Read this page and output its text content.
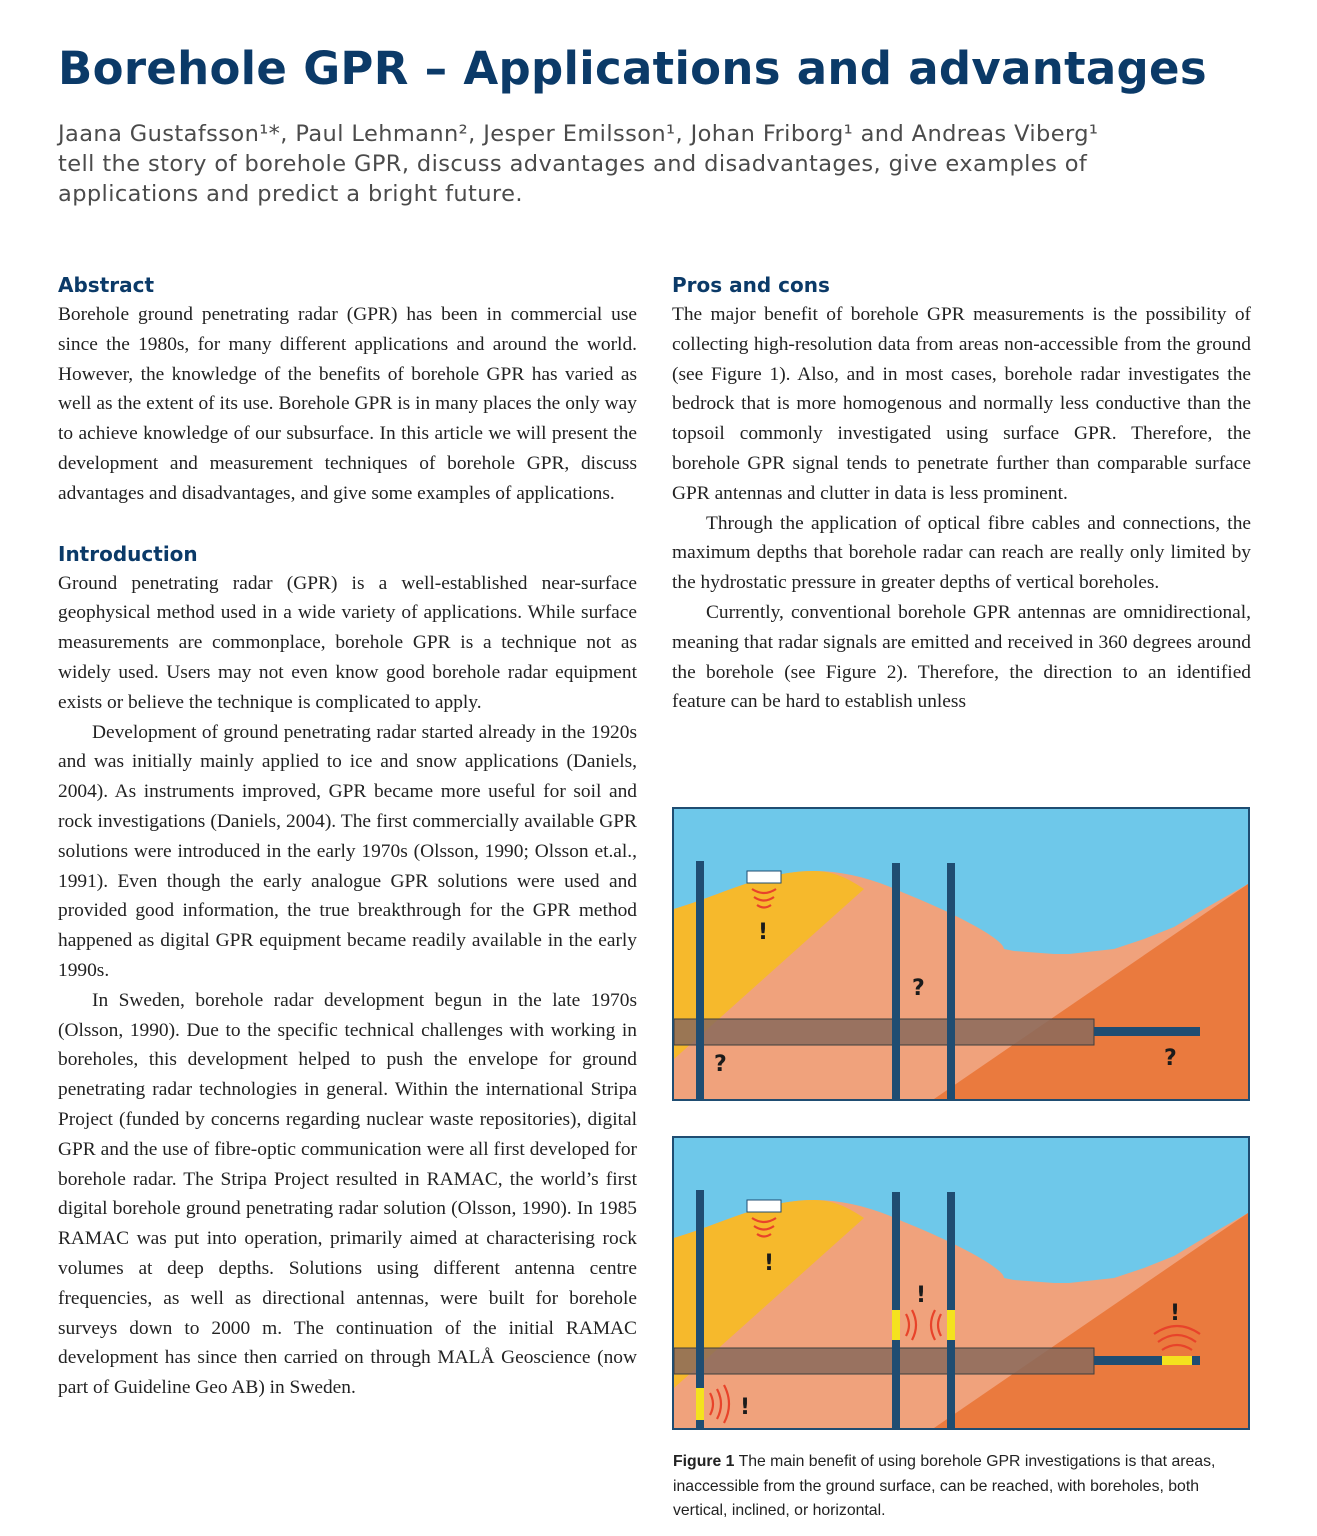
Borehole GPR – Applications and advantages

Jaana Gustafsson¹*, Paul Lehmann², Jesper Emilsson¹, Johan Friborg¹ and Andreas Viberg¹

tell the story of borehole GPR, discuss advantages and disadvantages, give examples of

applications and predict a bright future.

Abstract

Borehole ground penetrating radar (GPR) has been in commercial use since the 1980s, for many different applications and around the world. However, the knowledge of the benefits of borehole GPR has varied as well as the extent of its use. Borehole GPR is in many places the only way to achieve knowledge of our subsurface. In this article we will present the development and measurement techniques of borehole GPR, discuss advantages and disadvantages, and give some examples of applications.

Introduction

Ground penetrating radar (GPR) is a well-established near-surface geophysical method used in a wide variety of applications. While surface measurements are commonplace, borehole GPR is a technique not as widely used. Users may not even know good borehole radar equipment exists or believe the technique is complicated to apply.

Development of ground penetrating radar started already in the 1920s and was initially mainly applied to ice and snow applications (Daniels, 2004). As instruments improved, GPR became more useful for soil and rock investigations (Daniels, 2004). The first commercially available GPR solutions were introduced in the early 1970s (Olsson, 1990; Olsson et.al., 1991). Even though the early analogue GPR solutions were used and provided good information, the true breakthrough for the GPR method happened as digital GPR equipment became readily available in the early 1990s.

In Sweden, borehole radar development begun in the late 1970s (Olsson, 1990). Due to the specific technical challenges with working in boreholes, this development helped to push the envelope for ground penetrating radar technologies in general. Within the international Stripa Project (funded by concerns regarding nuclear waste repositories), digital GPR and the use of fibre-optic communication were all first developed for borehole radar. The Stripa Project resulted in RAMAC, the world’s first digital borehole ground penetrating radar solution (Olsson, 1990). In 1985 RAMAC was put into operation, primarily aimed at characterising rock volumes at deep depths. Solutions using different antenna centre frequencies, as well as directional antennas, were built for borehole surveys down to 2000 m. The continuation of the initial RAMAC development has since then carried on through MALÅ Geoscience (now part of Guideline Geo AB) in Sweden.

Pros and cons

The major benefit of borehole GPR measurements is the possibility of collecting high-resolution data from areas non-accessible from the ground (see Figure 1). Also, and in most cases, borehole radar investigates the bedrock that is more homogenous and normally less conductive than the topsoil commonly investigated using surface GPR. Therefore, the borehole GPR signal tends to penetrate further than comparable surface GPR antennas and clutter in data is less prominent.

Through the application of optical fibre cables and connections, the maximum depths that borehole radar can reach are really only limited by the hydrostatic pressure in greater depths of vertical boreholes.

Currently, conventional borehole GPR antennas are omnidirectional, meaning that radar signals are emitted and received in 360 degrees around the borehole (see Figure 2). Therefore, the direction to an identified feature can be hard to establish unless

!
?
?	?
!
!
!
!

Figure 1 The main benefit of using borehole GPR investigations is that areas, inaccessible from the ground surface, can be reached, with boreholes, both vertical, inclined, or horizontal.
